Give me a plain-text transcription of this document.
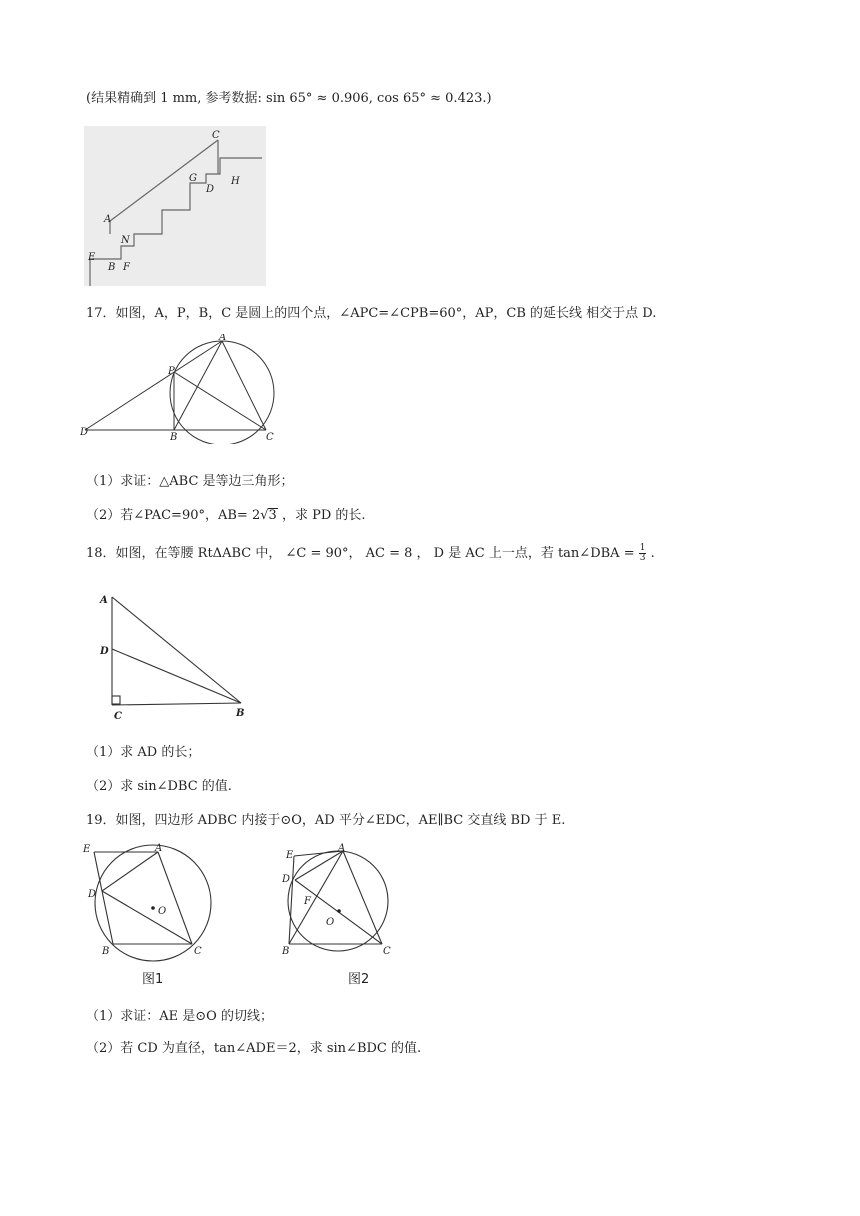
(结果精确到 1 mm, 参考数据: sin 65° ≈ 0.906, cos 65° ≈ 0.423.)
C
G
D
H
A
N
E
B F
17．如图，A，P，B，C 是圆上的四个点，∠APC=∠CPB=60°，AP，CB 的延长线 相交于点 D.
A
P
D	B	C
（1）求证：△ABC 是等边三角形；
（2）若∠PAC=90°，AB= 2√3 ，求 PD 的长.
18．如图，在等腰 RtΔABC 中， ∠C = 90°， AC = 8 ， D 是 AC 上一点，若 tan∠DBA = $\frac{1}{3}$ .
A
D
C	B
（1）求 AD 的长；
（2）求 sin∠DBC 的值.
19．如图，四边形 ADBC 内接于⊙O，AD 平分∠EDC，AE∥BC 交直线 BD 于 E.
E	A
D
O
B	C
图1
E
A
D
F
O
B	C
图2
（1）求证：AE 是⊙O 的切线；
（2）若 CD 为直径，tan∠ADE＝2，求 sin∠BDC 的值.
